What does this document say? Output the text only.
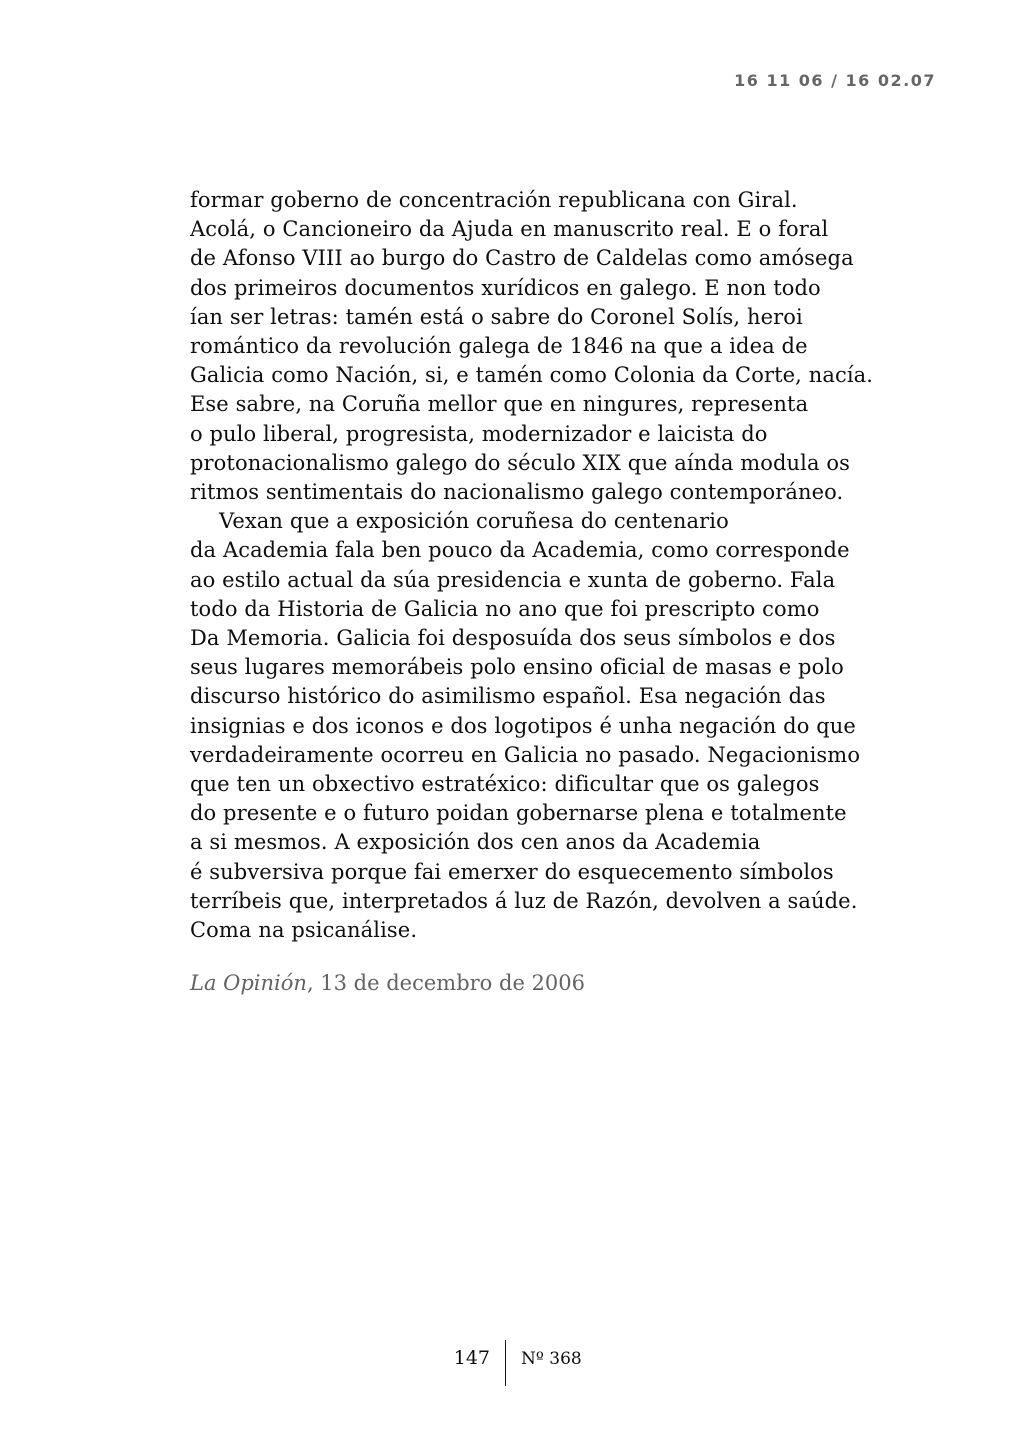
16 11 06 / 16 02.07
formar goberno de concentración republicana con Giral.
Acolá, o Cancioneiro da Ajuda en manuscrito real. E o foral
de Afonso VIII ao burgo do Castro de Caldelas como amósega
dos primeiros documentos xurídicos en galego. E non todo
ían ser letras: tamén está o sabre do Coronel Solís, heroi
romántico da revolución galega de 1846 na que a idea de
Galicia como Nación, si, e tamén como Colonia da Corte, nacía.
Ese sabre, na Coruña mellor que en ningures, representa
o pulo liberal, progresista, modernizador e laicista do
protonacionalismo galego do século XIX que aínda modula os
ritmos sentimentais do nacionalismo galego contemporáneo.
Vexan que a exposición coruñesa do centenario
da Academia fala ben pouco da Academia, como corresponde
ao estilo actual da súa presidencia e xunta de goberno. Fala
todo da Historia de Galicia no ano que foi prescripto como
Da Memoria. Galicia foi desposuída dos seus símbolos e dos
seus lugares memorábeis polo ensino oficial de masas e polo
discurso histórico do asimilismo español. Esa negación das
insignias e dos iconos e dos logotipos é unha negación do que
verdadeiramente ocorreu en Galicia no pasado. Negacionismo
que ten un obxectivo estratéxico: dificultar que os galegos
do presente e o futuro poidan gobernarse plena e totalmente
a si mesmos. A exposición dos cen anos da Academia
é subversiva porque fai emerxer do esquecemento símbolos
terríbeis que, interpretados á luz de Razón, devolven a saúde.
Coma na psicanálise.
La Opinión, 13 de decembro de 2006
147 Nº 368
